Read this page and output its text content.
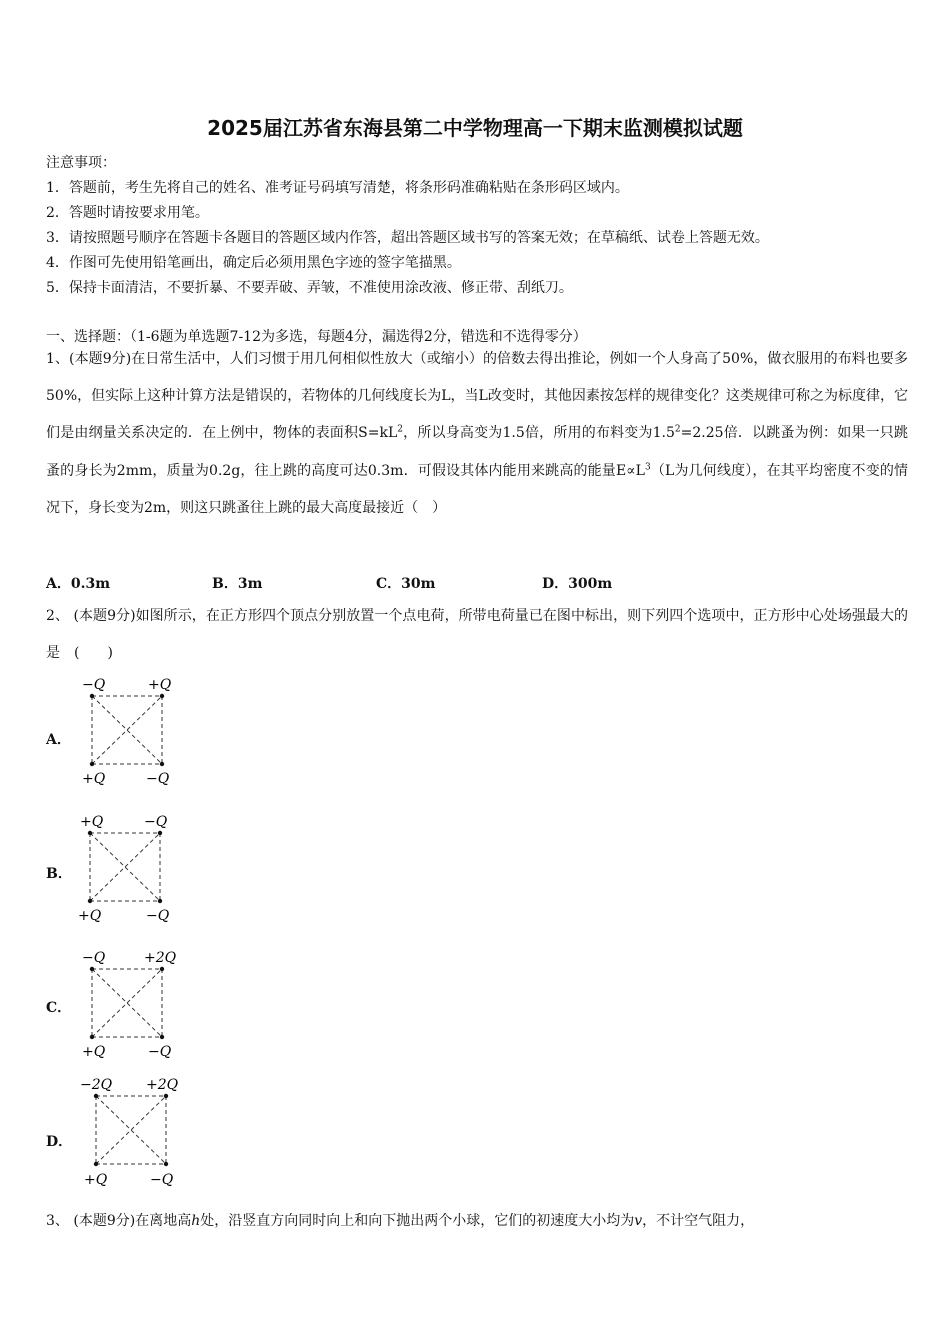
2025届江苏省东海县第二中学物理高一下期末监测模拟试题
注意事项：
1．答题前，考生先将自己的姓名、准考证号码填写清楚，将条形码准确粘贴在条形码区域内。
2．答题时请按要求用笔。
3．请按照题号顺序在答题卡各题目的答题区域内作答，超出答题区域书写的答案无效；在草稿纸、试卷上答题无效。
4．作图可先使用铅笔画出，确定后必须用黑色字迹的签字笔描黑。
5．保持卡面清洁，不要折暴、不要弄破、弄皱，不准使用涂改液、修正带、刮纸刀。
一、选择题：（1-6题为单选题7-12为多选，每题4分，漏选得2分，错选和不选得零分）
1、(本题9分)在日常生活中，人们习惯于用几何相似性放大（或缩小）的倍数去得出推论，例如一个人身高了50%，做衣服用的布料也要多50%，但实际上这种计算方法是错误的，若物体的几何线度长为L，当L改变时，其他因素按怎样的规律变化？这类规律可称之为标度律，它们是由纲量关系决定的．在上例中，物体的表面积$S=kL^2$，所以身高变为1.5倍，所用的布料变为$1.5^2=2.25$倍．以跳蚤为例：如果一只跳蚤的身长为2mm，质量为0.2g，往上跳的高度可达0.3m．可假设其体内能用来跳高的能量$E\propto L^3(L$为几何线度），在其平均密度不变的情况下，身长变为2m，则这只跳蚤往上跳的最大高度最接近（　）
A．0.3m	B．3m	C．30m	D．300m
2、 (本题9分)如图所示，在正方形四个顶点分别放置一个点电荷，所带电荷量已在图中标出，则下列四个选项中，正方形中心处场强最大的是　(　　)
A．
−Q	+Q
+Q	−Q
B．
+Q	−Q
+Q	−Q
C．
−Q	+2Q
+Q	−Q
D．
−2Q +2Q
+Q	−Q
3、 (本题9分)在离地高h处，沿竖直方向同时向上和向下抛出两个小球，它们的初速度大小均为v，不计空气阻力，
